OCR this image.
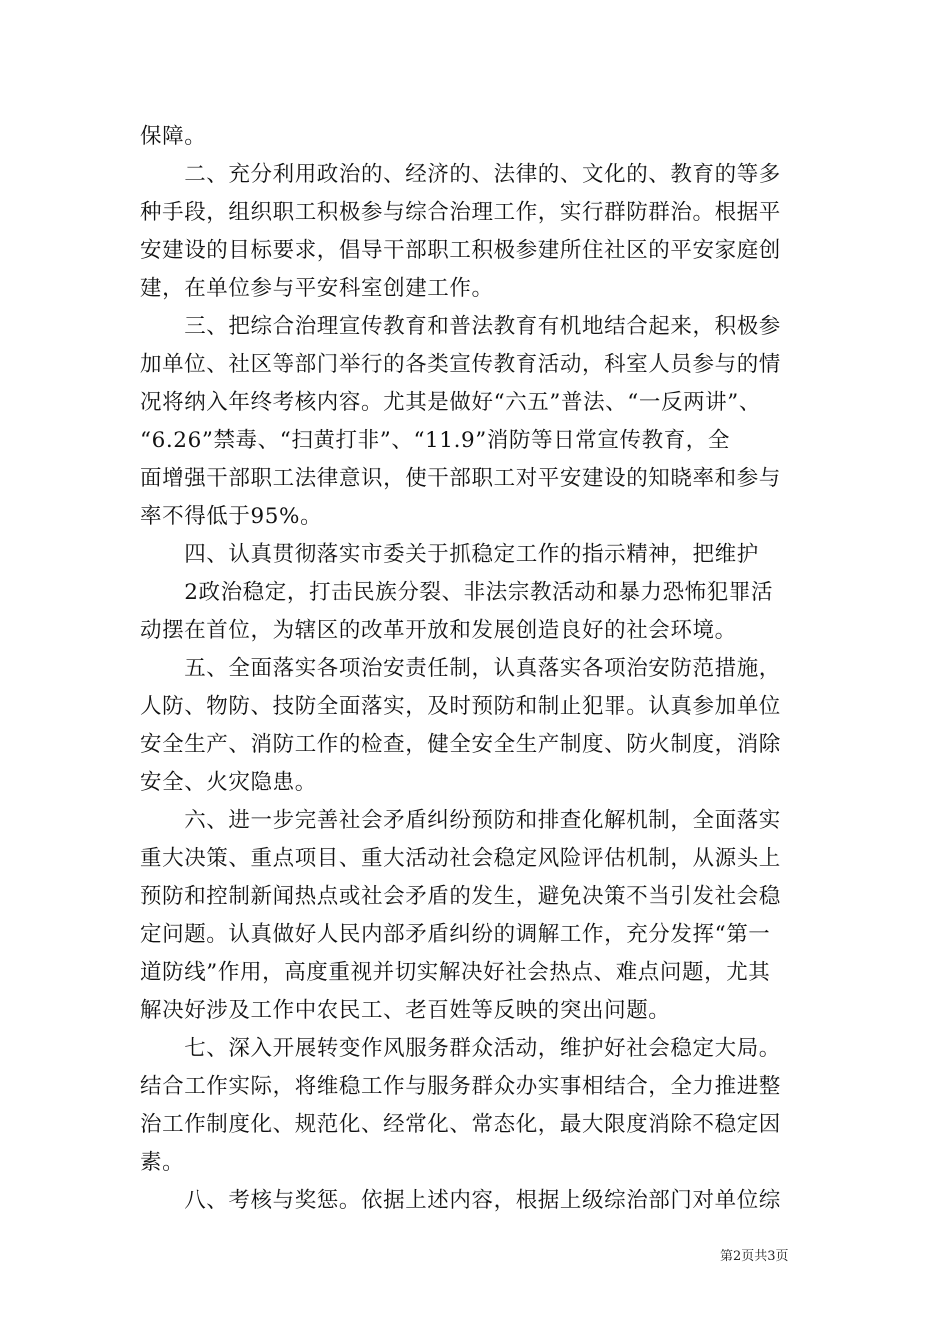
保障。
　　二、充分利用政治的、经济的、法律的、文化的、教育的等多
种手段，组织职工积极参与综合治理工作，实行群防群治。根据平
安建设的目标要求，倡导干部职工积极参建所住社区的平安家庭创
建，在单位参与平安科室创建工作。
　　三、把综合治理宣传教育和普法教育有机地结合起来，积极参
加单位、社区等部门举行的各类宣传教育活动，科室人员参与的情
况将纳入年终考核内容。尤其是做好“六五”普法、“一反两讲”、
“6.26”禁毒、“扫黄打非”、“11.9”消防等日常宣传教育，全
面增强干部职工法律意识，使干部职工对平安建设的知晓率和参与
率不得低于95%。
　　四、认真贯彻落实市委关于抓稳定工作的指示精神，把维护
　　2政治稳定，打击民族分裂、非法宗教活动和暴力恐怖犯罪活
动摆在首位，为辖区的改革开放和发展创造良好的社会环境。
　　五、全面落实各项治安责任制，认真落实各项治安防范措施，
人防、物防、技防全面落实，及时预防和制止犯罪。认真参加单位
安全生产、消防工作的检查，健全安全生产制度、防火制度，消除
安全、火灾隐患。
　　六、进一步完善社会矛盾纠纷预防和排查化解机制，全面落实
重大决策、重点项目、重大活动社会稳定风险评估机制，从源头上
预防和控制新闻热点或社会矛盾的发生，避免决策不当引发社会稳
定问题。认真做好人民内部矛盾纠纷的调解工作，充分发挥“第一
道防线”作用，高度重视并切实解决好社会热点、难点问题，尤其
解决好涉及工作中农民工、老百姓等反映的突出问题。
　　七、深入开展转变作风服务群众活动，维护好社会稳定大局。
结合工作实际，将维稳工作与服务群众办实事相结合，全力推进整
治工作制度化、规范化、经常化、常态化，最大限度消除不稳定因
素。
　　八、考核与奖惩。依据上述内容，根据上级综治部门对单位综
第2页共3页
